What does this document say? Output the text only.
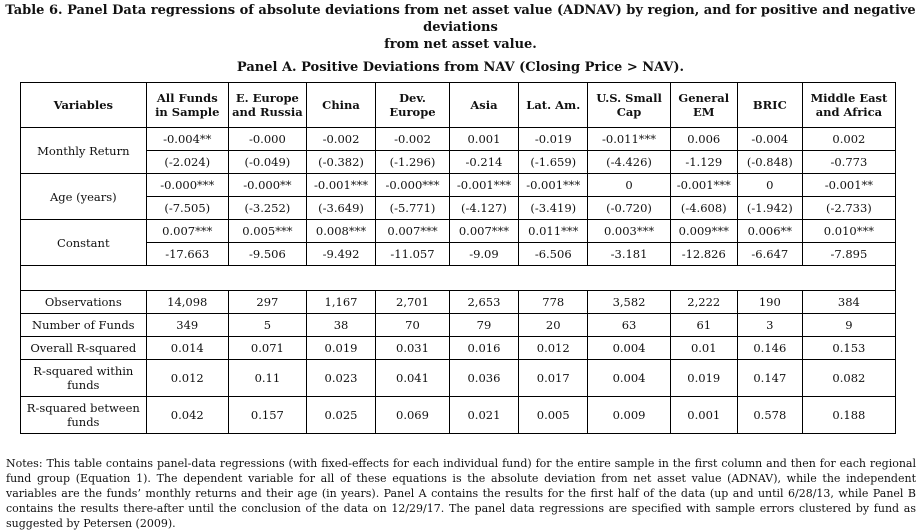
Table 6. Panel Data regressions of absolute deviations from net asset value (ADNAV) by region, and for positive and negative deviations
from net asset value.
Panel A. Positive Deviations from NAV (Closing Price > NAV).
Variables	All Funds in Sample	E. Europe and Russia	China	Dev. Europe	Asia	Lat. Am.	U.S. Small Cap	General EM	BRIC	Middle East and Africa
Monthly Return	-0.004**	-0.000	-0.002	-0.002	0.001	-0.019	-0.011***	0.006	-0.004	0.002
	(-2.024)	(-0.049)	(-0.382)	(-1.296)	-0.214	(-1.659)	(-4.426)	-1.129	(-0.848)	-0.773
Age (years)	-0.000***	-0.000**	-0.001***	-0.000***	-0.001***	-0.001***	0	-0.001***	0	-0.001**
	(-7.505)	(-3.252)	(-3.649)	(-5.771)	(-4.127)	(-3.419)	(-0.720)	(-4.608)	(-1.942)	(-2.733)
Constant	0.007***	0.005***	0.008***	0.007***	0.007***	0.011***	0.003***	0.009***	0.006**	0.010***
	-17.663	-9.506	-9.492	-11.057	-9.09	-6.506	-3.181	-12.826	-6.647	-7.895

Observations	14,098	297	1,167	2,701	2,653	778	3,582	2,222	190	384
Number of Funds	349	5	38	70	79	20	63	61	3	9
Overall R-squared	0.014	0.071	0.019	0.031	0.016	0.012	0.004	0.01	0.146	0.153
R-squared within funds	0.012	0.11	0.023	0.041	0.036	0.017	0.004	0.019	0.147	0.082
R-squared between funds	0.042	0.157	0.025	0.069	0.021	0.005	0.009	0.001	0.578	0.188
Notes: This table contains panel-data regressions (with fixed-effects for each individual fund) for the entire sample in the first column and then for each regional fund group (Equation 1). The dependent variable for all of these equations is the absolute deviation from net asset value (ADNAV), while the independent variables are the funds’ monthly returns and their age (in years). Panel A contains the results for the first half of the data (up and until 6/28/13, while Panel B contains the results there-after until the conclusion of the data on 12/29/17. The panel data regressions are specified with sample errors clustered by fund as suggested by Petersen (2009).
